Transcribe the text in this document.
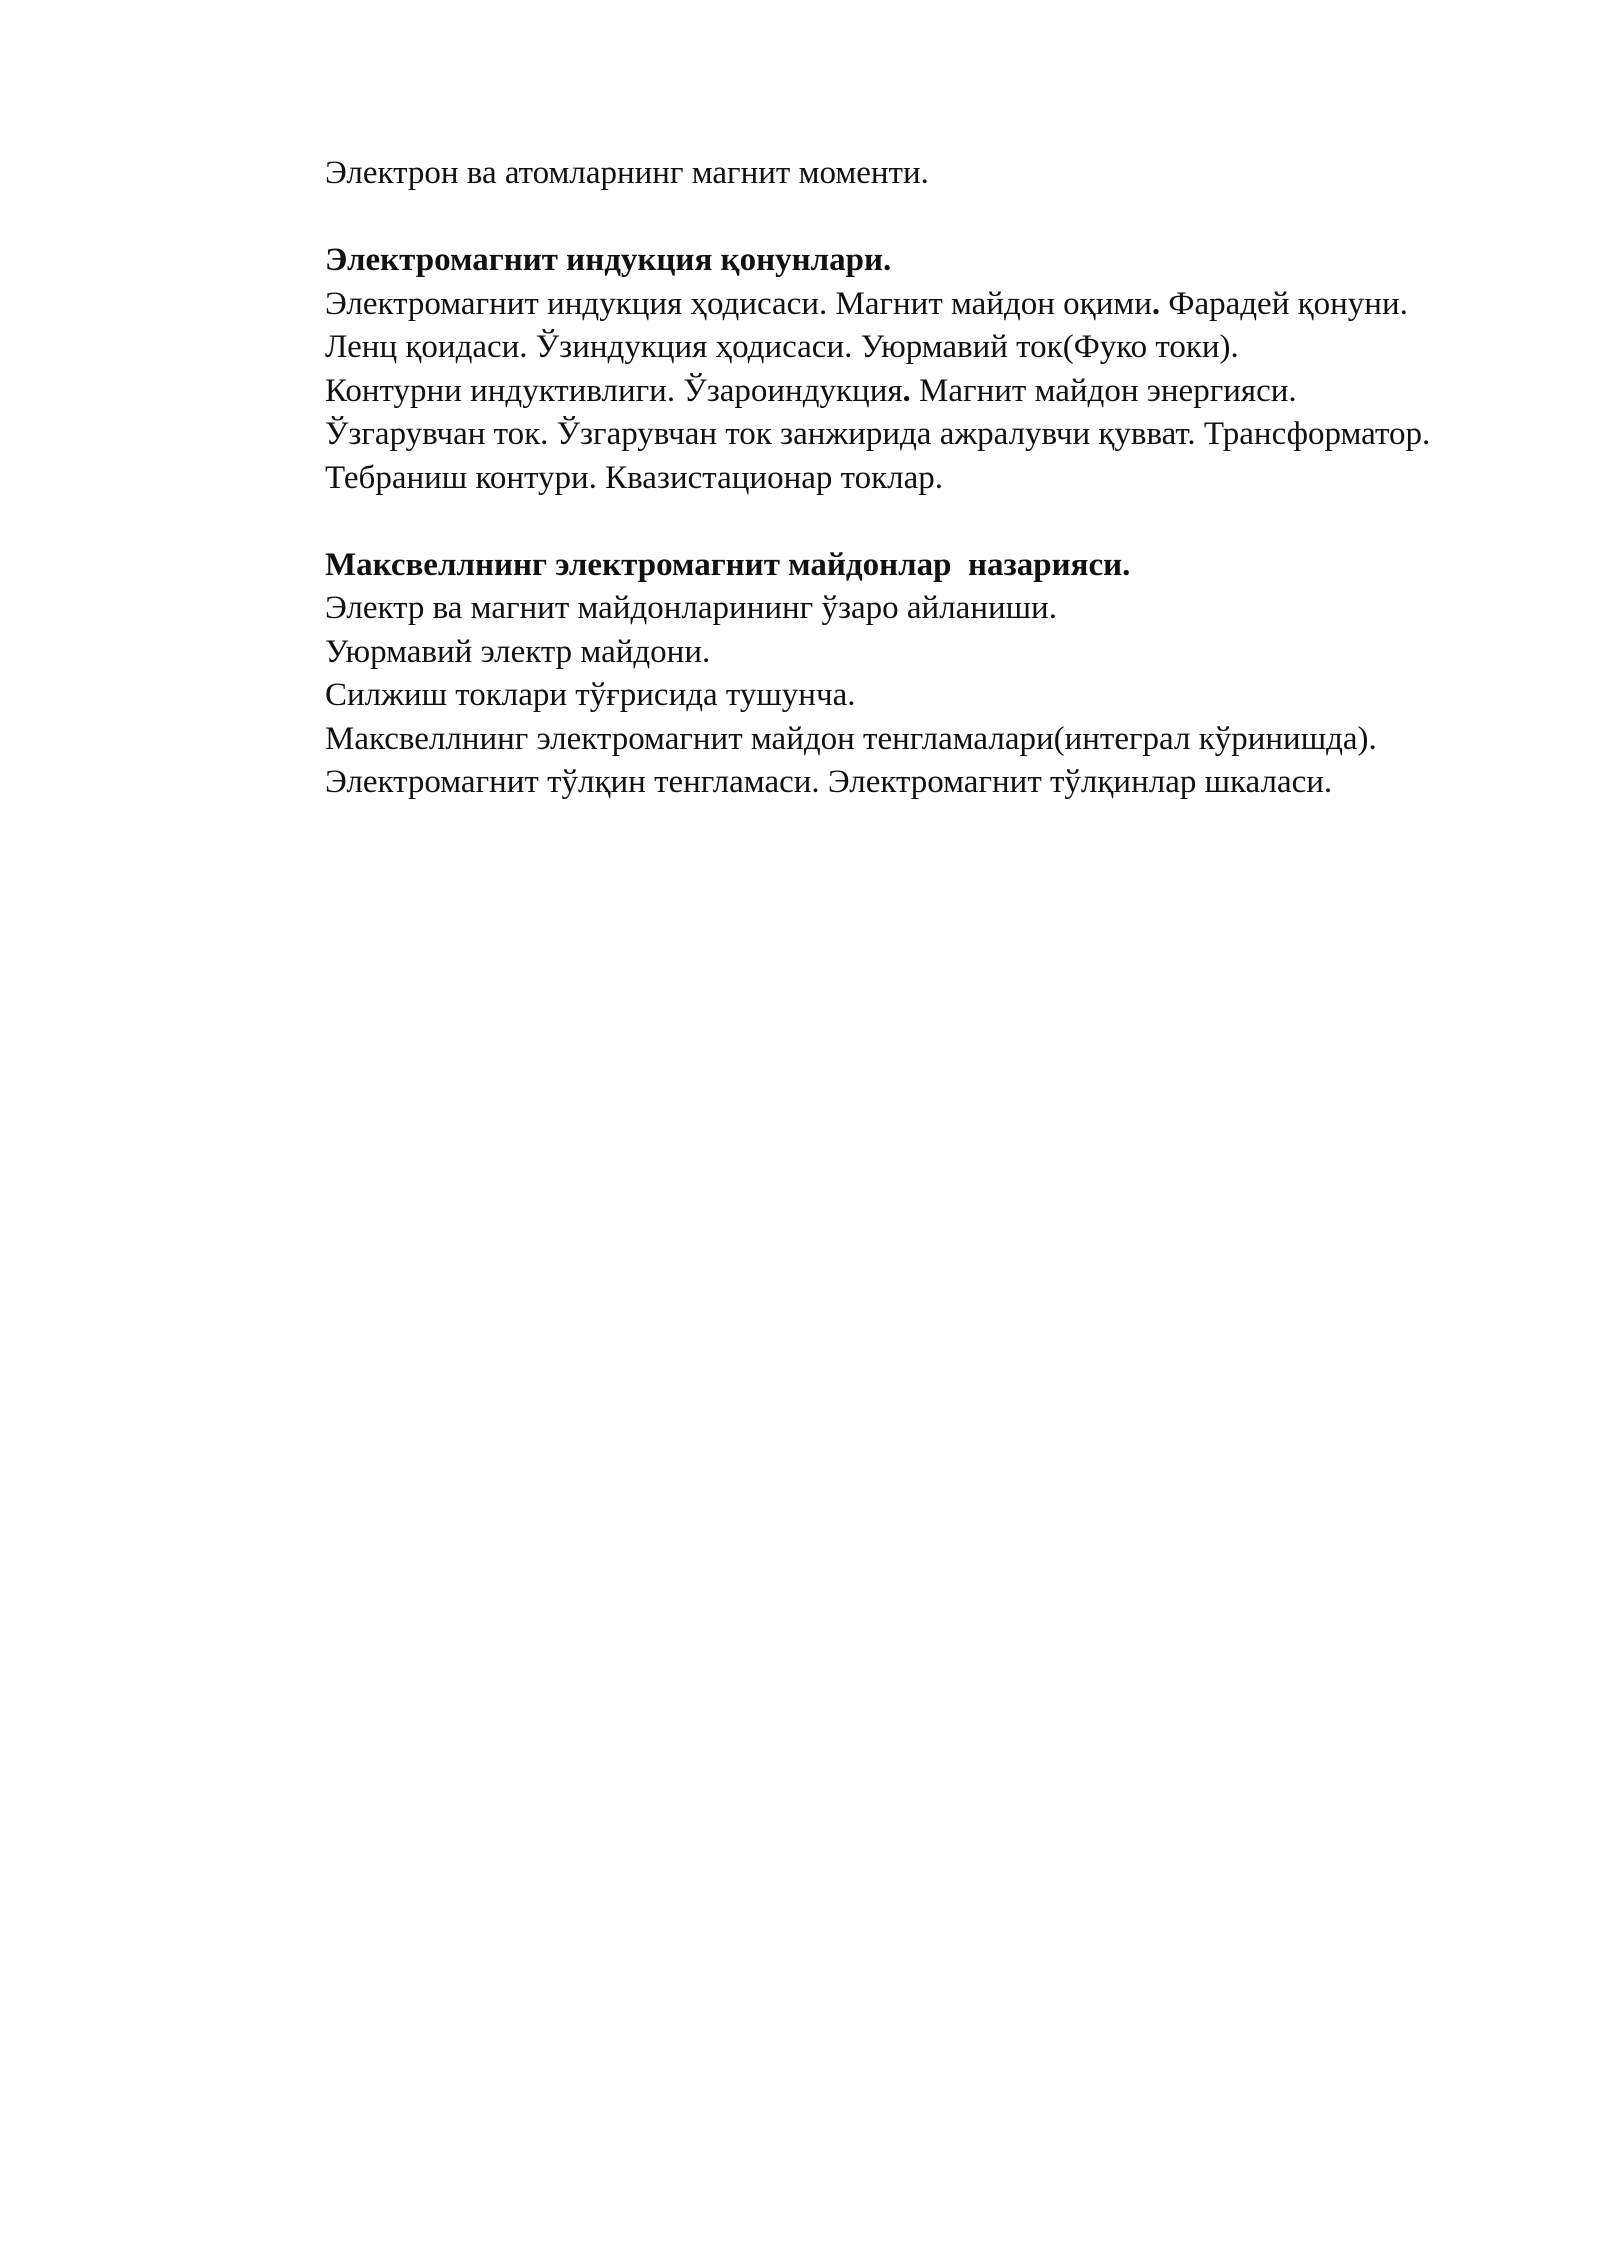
Электрон ва атомларнинг магнит моменти.

Электромагнит индукция қонунлари.

Электромагнит индукция ҳодисаси. Магнит майдон оқими. Фарадей қонуни.

Ленц қоидаси. Ўзиндукция ҳодисаси. Уюрмавий ток(Фуко токи).

Контурни индуктивлиги. Ўзароиндукция. Магнит майдон энергияси.

Ўзгарувчан ток. Ўзгарувчан ток занжирида ажралувчи қувват. Трансформатор.

Тебраниш контури. Квазистационар токлар.

Максвеллнинг электромагнит майдонлар  назарияси.

Электр ва магнит майдонларининг ўзаро айланиши.

Уюрмавий электр майдони.

Силжиш токлари тўғрисида тушунча.

Максвеллнинг электромагнит майдон тенгламалари(интеграл кўринишда).

Электромагнит тўлқин тенгламаси. Электромагнит тўлқинлар шкаласи.
